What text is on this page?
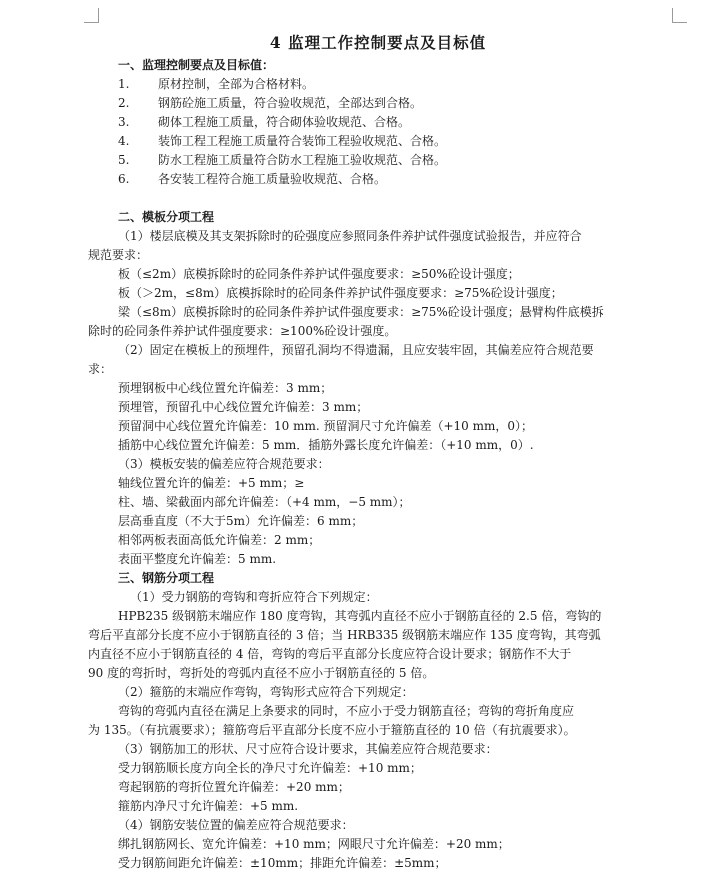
4 监理工作控制要点及目标值
一、监理控制要点及目标值：
1. 原材控制，全部为合格材料。
2. 钢筋砼施工质量，符合验收规范，全部达到合格。
3. 砌体工程施工质量，符合砌体验收规范、合格。
4. 装饰工程工程施工质量符合装饰工程验收规范、合格。
5. 防水工程施工质量符合防水工程施工验收规范、合格。
6. 各安装工程符合施工质量验收规范、合格。
二、模板分项工程
（1）楼层底模及其支架拆除时的砼强度应参照同条件养护试件强度试验报告，并应符合
规范要求：
板（≤2m）底模拆除时的砼同条件养护试件强度要求：≥50%砼设计强度；
板（＞2m，≤8m）底模拆除时的砼同条件养护试件强度要求：≥75%砼设计强度；
梁（≤8m）底模拆除时的砼同条件养护试件强度要求：≥75%砼设计强度；悬臂构件底模拆
除时的砼同条件养护试件强度要求：≥100%砼设计强度。
（2）固定在模板上的预埋件，预留孔洞均不得遗漏，且应安装牢固，其偏差应符合规范要
求：
预埋钢板中心线位置允许偏差：3 mm；
预埋管，预留孔中心线位置允许偏差：3 mm；
预留洞中心线位置允许偏差：10 mm. 预留洞尺寸允许偏差（+10 mm，0）；
插筋中心线位置允许偏差：5 mm．插筋外露长度允许偏差：（+10 mm，0）.
（3）模板安装的偏差应符合规范要求：
轴线位置允许的偏差：+5 mm；≥
柱、墙、梁截面内部允许偏差：（+4 mm，−5 mm）；
层高垂直度（不大于5m）允许偏差：6 mm；
相邻两板表面高低允许偏差：2 mm；
表面平整度允许偏差：5 mm.
三、钢筋分项工程
（1）受力钢筋的弯钩和弯折应符合下列规定：
HPB235 级钢筋末端应作 180 度弯钩，其弯弧内直径不应小于钢筋直径的 2.5 倍，弯钩的
弯后平直部分长度不应小于钢筋直径的 3 倍；当 HRB335 级钢筋末端应作 135 度弯钩，其弯弧
内直径不应小于钢筋直径的 4 倍，弯钩的弯后平直部分长度应符合设计要求；钢筋作不大于
90 度的弯折时，弯折处的弯弧内直径不应小于钢筋直径的 5 倍。
（2）箍筋的末端应作弯钩，弯钩形式应符合下列规定：
弯钩的弯弧内直径在满足上条要求的同时，不应小于受力钢筋直径；弯钩的弯折角度应
为 135。（有抗震要求）；箍筋弯后平直部分长度不应小于箍筋直径的 10 倍（有抗震要求）。
（3）钢筋加工的形状、尺寸应符合设计要求，其偏差应符合规范要求：
受力钢筋顺长度方向全长的净尺寸允许偏差：+10 mm；
弯起钢筋的弯折位置允许偏差：+20 mm；
箍筋内净尺寸允许偏差：+5 mm.
（4）钢筋安装位置的偏差应符合规范要求：
绑扎钢筋网长、宽允许偏差：+10 mm；网眼尺寸允许偏差：+20 mm；
受力钢筋间距允许偏差：±10mm；排距允许偏差：±5mm；
